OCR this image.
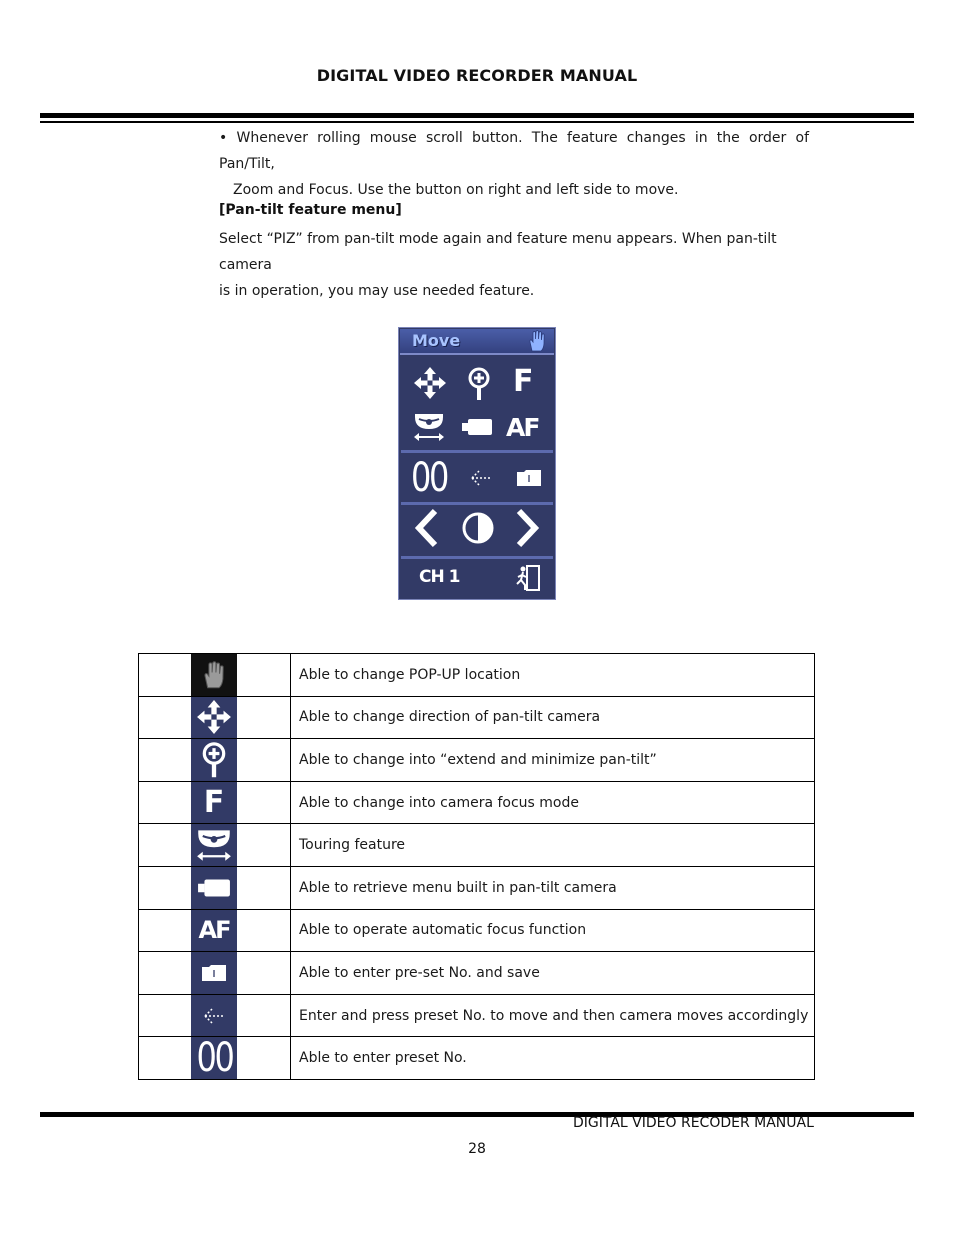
DIGITAL VIDEO RECORDER MANUAL
• Whenever rolling mouse scroll button. The feature changes in the order of Pan/Tilt,
Zoom and Focus. Use the button on right and left side to move.
[Pan-tilt feature menu]
Select “PIZ” from pan-tilt mode again and feature menu appears. When pan-tilt camera
is in operation, you may use needed feature.
Move
F
AF
00
CH 1

		Able to change POP-UP location

		Able to change direction of pan-tilt camera

		Able to change into “extend and minimize pan-tilt”
	F		Able to change into camera focus mode

		Touring feature

		Able to retrieve menu built in pan-tilt camera
	AF		Able to operate automatic focus function

		Able to enter pre-set No. and save

		Enter and press preset No. to move and then camera moves accordingly
	00		Able to enter preset No.
DIGITAL VIDEO RECODER MANUAL
28
